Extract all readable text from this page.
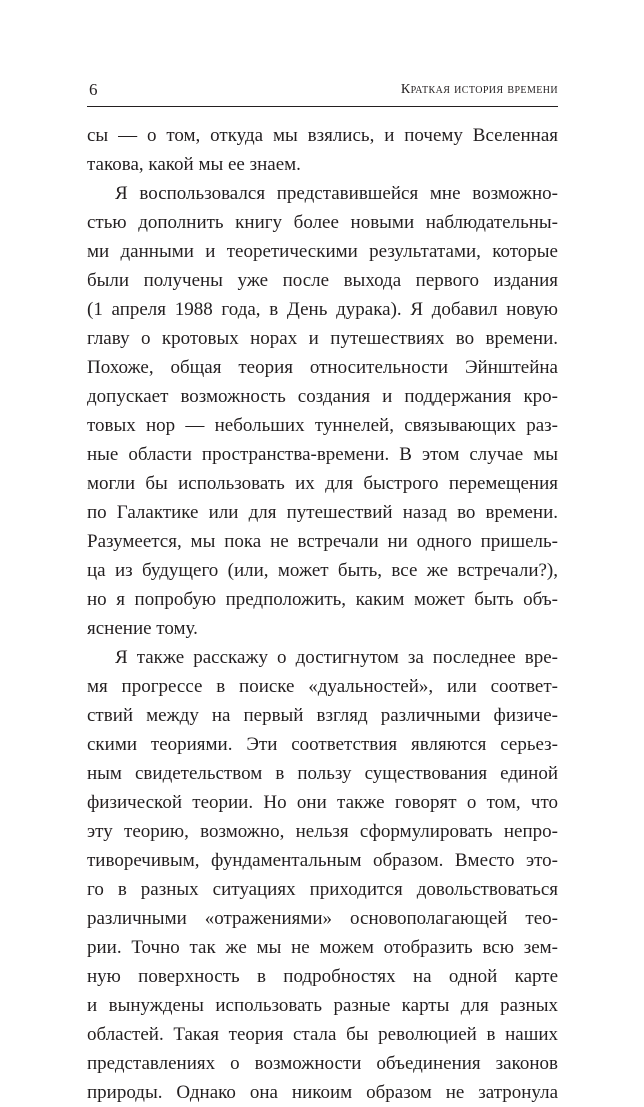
6	Краткая история времени
сы — о том, откуда мы взялись, и почему Вселенная
такова, какой мы ее знаем.
Я воспользовался представившейся мне возможно-
стью дополнить книгу более новыми наблюдательны-
ми данными и теоретическими результатами, которые
были получены уже после выхода первого издания
(1 апреля 1988 года, в День дурака). Я добавил новую
главу о кротовых норах и путешествиях во времени.
Похоже, общая теория относительности Эйнштейна
допускает возможность создания и поддержания кро-
товых нор — небольших туннелей, связывающих раз-
ные области пространства-времени. В этом случае мы
могли бы использовать их для быстрого перемещения
по Галактике или для путешествий назад во времени.
Разумеется, мы пока не встречали ни одного пришель-
ца из будущего (или, может быть, все же встречали?),
но я попробую предположить, каким может быть объ-
яснение тому.
Я также расскажу о достигнутом за последнее вре-
мя прогрессе в поиске «дуальностей», или соответ-
ствий между на первый взгляд различными физиче-
скими теориями. Эти соответствия являются серьез-
ным свидетельством в пользу существования единой
физической теории. Но они также говорят о том, что
эту теорию, возможно, нельзя сформулировать непро-
тиворечивым, фундаментальным образом. Вместо это-
го в разных ситуациях приходится довольствоваться
различными «отражениями» основополагающей тео-
рии. Точно так же мы не можем отобразить всю зем-
ную поверхность в подробностях на одной карте
и вынуждены использовать разные карты для разных
областей. Такая теория стала бы революцией в наших
представлениях о возможности объединения законов
природы. Однако она никоим образом не затронула
